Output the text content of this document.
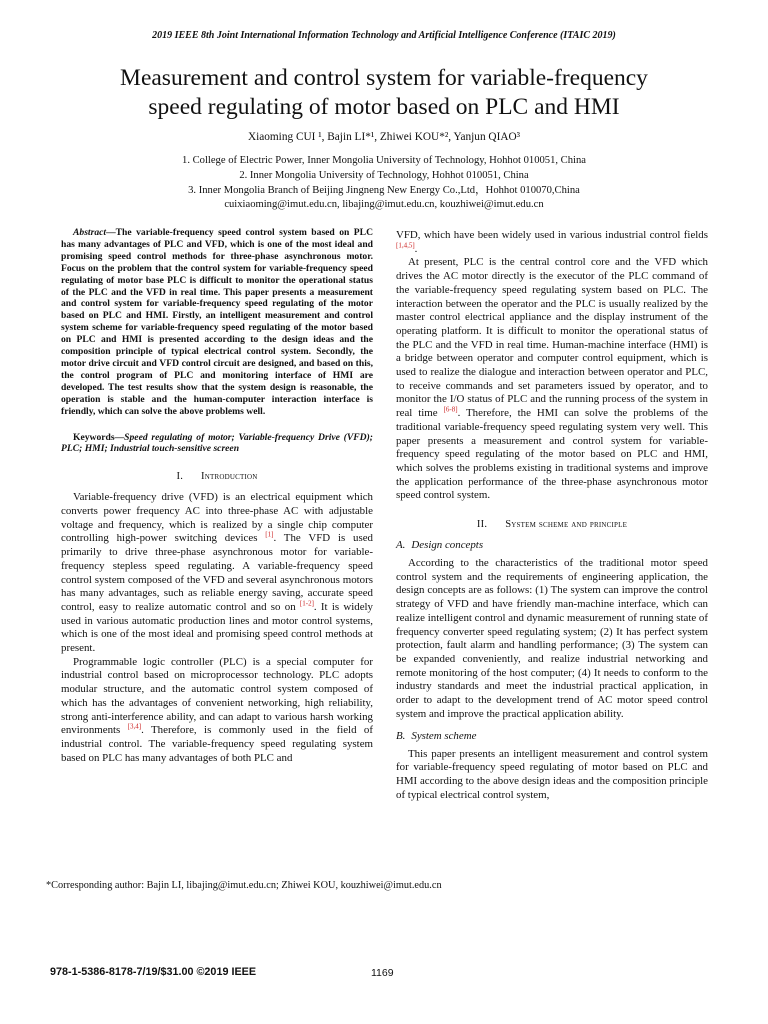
2019 IEEE 8th Joint International Information Technology and Artificial Intelligence Conference (ITAIC 2019)
Measurement and control system for variable-frequency
speed regulating of motor based on PLC and HMI
Xiaoming CUI ¹, Bajin LI*¹, Zhiwei KOU*², Yanjun QIAO³
1. College of Electric Power, Inner Mongolia University of Technology, Hohhot 010051, China
2. Inner Mongolia University of Technology, Hohhot 010051, China
3. Inner Mongolia Branch of Beijing Jingneng New Energy Co.,Ltd，Hohhot 010070,China
cuixiaoming@imut.edu.cn, libajing@imut.edu.cn, kouzhiwei@imut.edu.cn

Abstract—The variable-frequency speed control system based on PLC has many advantages of PLC and VFD, which is one of the most ideal and promising speed control methods for three-phase asynchronous motor. Focus on the problem that the control system for variable-frequency speed regulating of motor base PLC is difficult to monitor the operational status of the PLC and the VFD in real time. This paper presents a measurement and control system for variable-frequency speed regulating of the motor based on PLC and HMI. Firstly, an intelligent measurement and control system scheme for variable-frequency speed regulating of the motor based on PLC and HMI is presented according to the design ideas and the composition principle of typical electrical control system. Secondly, the motor drive circuit and VFD control circuit are designed, and based on this, the control program of PLC and monitoring interface of HMI are developed. The test results show that the system design is reasonable, the operation is stable and the human-computer interaction interface is friendly, which can solve the above problems well.

Keywords—Speed regulating of motor; Variable-frequency Drive (VFD); PLC; HMI; Industrial touch-sensitive screen

I. Introduction

Variable-frequency drive (VFD) is an electrical equipment which converts power frequency AC into three-phase AC with adjustable voltage and frequency, which is realized by a single chip computer controlling high-power switching devices [1]. The VFD is used primarily to drive three-phase asynchronous motor for variable-frequency stepless speed regulating. A variable-frequency speed control system composed of the VFD and several asynchronous motors has many advantages, such as reliable energy saving, accurate speed control, easy to realize automatic control and so on [1-2]. It is widely used in various automatic production lines and motor control systems, which is one of the most ideal and promising speed control methods at present.

Programmable logic controller (PLC) is a special computer for industrial control based on microprocessor technology. PLC adopts modular structure, and the automatic control system composed of which has the advantages of convenient networking, high reliability, strong anti-interference ability, and can adapt to various harsh working environments [3,4]. Therefore, is commonly used in the field of industrial control. The variable-frequency speed regulating system based on PLC has many advantages of both PLC and

VFD, which have been widely used in various industrial control fields [1,4,5].

At present, PLC is the central control core and the VFD which drives the AC motor directly is the executor of the PLC command of the variable-frequency speed regulating system based on PLC. The interaction between the operator and the PLC is usually realized by the master control electrical appliance and the display instrument of the operating platform. It is difficult to monitor the operational status of the PLC and the VFD in real time. Human-machine interface (HMI) is a bridge between operator and computer control equipment, which is used to realize the dialogue and interaction between operator and PLC, to receive commands and set parameters issued by operator, and to monitor the I/O status of PLC and the running process of the system in real time [6-8]. Therefore, the HMI can solve the problems of the traditional variable-frequency speed regulating system very well. This paper presents a measurement and control system for variable-frequency speed regulating of the motor based on PLC and HMI, which solves the problems existing in traditional systems and improve the application performance of the three-phase asynchronous motor speed control system.

II. System scheme and principle
A. Design concepts

According to the characteristics of the traditional motor speed control system and the requirements of engineering application, the design concepts are as follows: (1) The system can improve the control strategy of VFD and have friendly man-machine interface, which can realize intelligent control and dynamic measurement of running state of frequency converter speed regulating system; (2) It has perfect system protection, fault alarm and handling performance; (3) The system can be expanded conveniently, and realize industrial networking and remote monitoring of the host computer; (4) It needs to conform to the industry standards and meet the industrial practical application, in order to adapt to the development trend of AC motor speed control system and improve the practical application ability.

B. System scheme

This paper presents an intelligent measurement and control system for variable-frequency speed regulating of motor based on PLC and HMI according to the above design ideas and the composition principle of typical electrical control system,

*Corresponding author: Bajin LI, libajing@imut.edu.cn; Zhiwei KOU, kouzhiwei@imut.edu.cn
978-1-5386-8178-7/19/$31.00 ©2019 IEEE	1169
